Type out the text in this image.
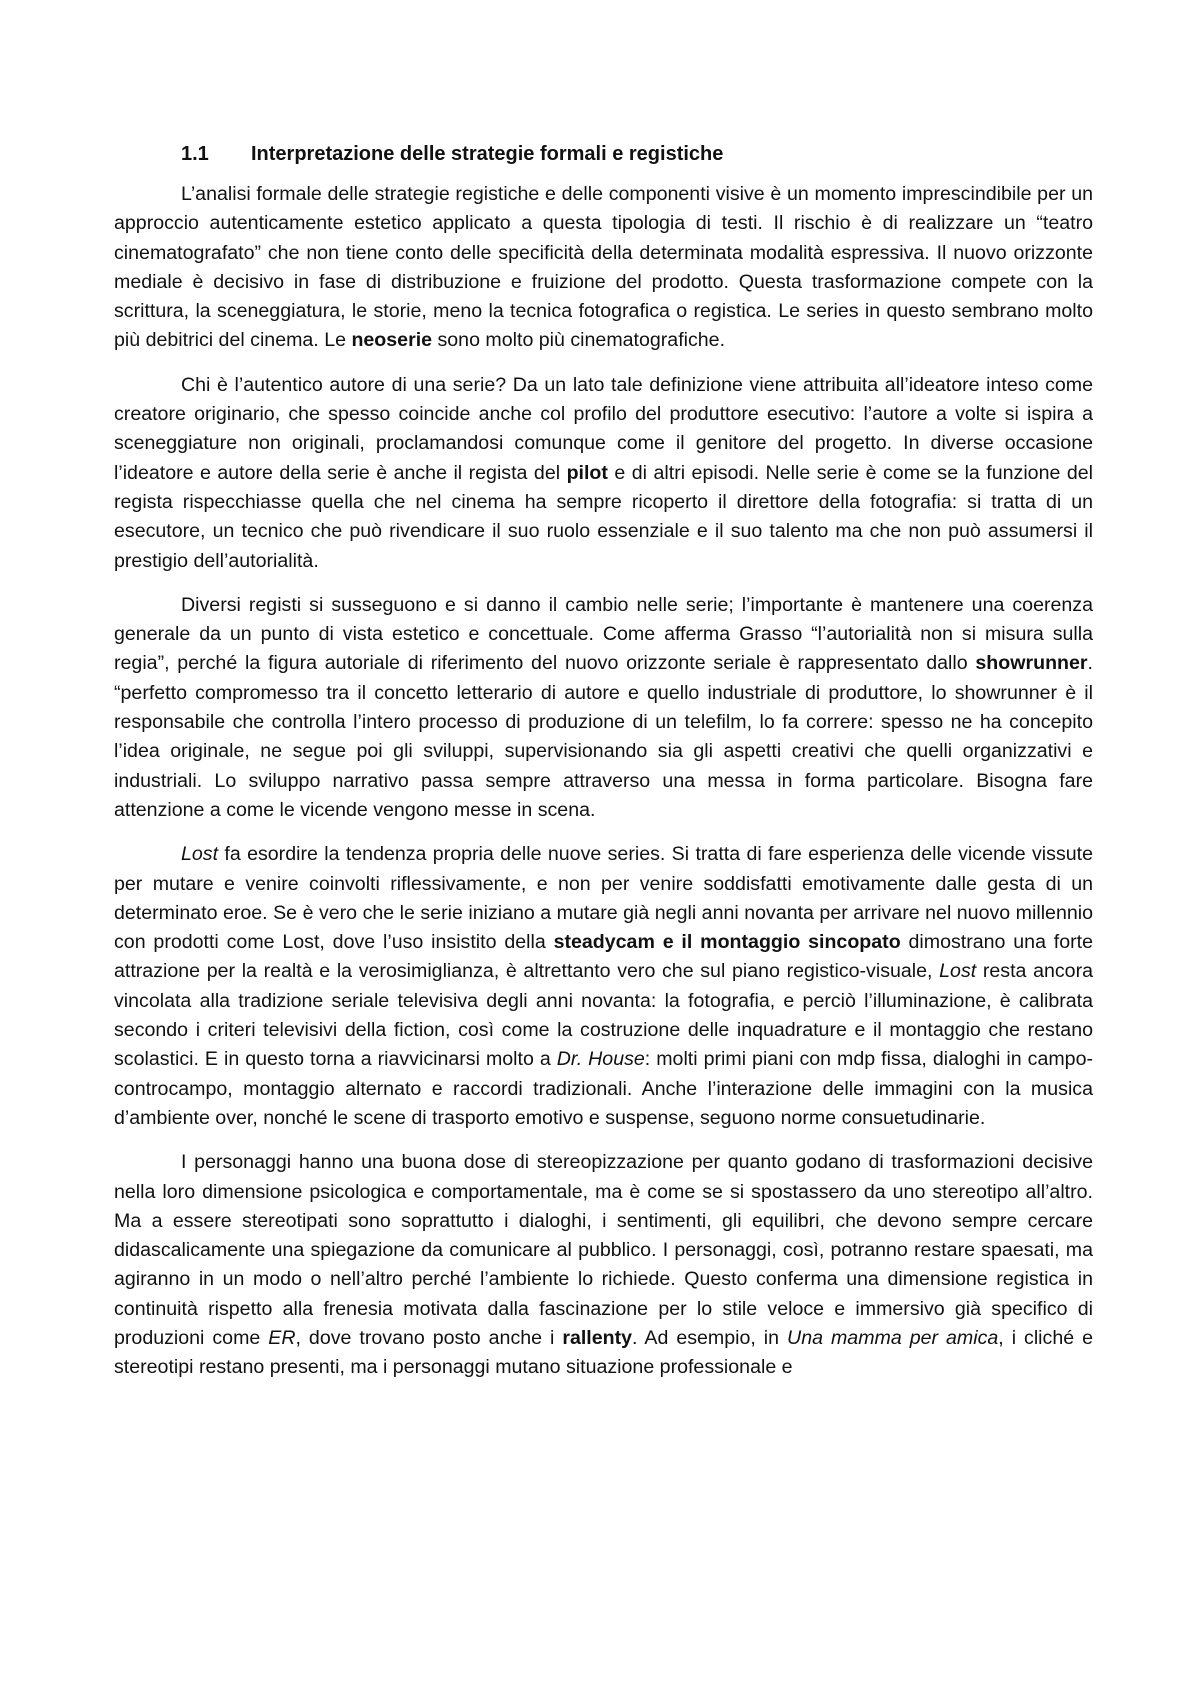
1.1	Interpretazione delle strategie formali e registiche

L’analisi formale delle strategie registiche e delle componenti visive è un momento imprescindibile per un approccio autenticamente estetico applicato a questa tipologia di testi. Il rischio è di realizzare un “teatro cinematografato” che non tiene conto delle specificità della determinata modalità espressiva. Il nuovo orizzonte mediale è decisivo in fase di distribuzione e fruizione del prodotto. Questa trasformazione compete con la scrittura, la sceneggiatura, le storie, meno la tecnica fotografica o registica. Le series in questo sembrano molto più debitrici del cinema. Le neoserie sono molto più cinematografiche.

Chi è l’autentico autore di una serie? Da un lato tale definizione viene attribuita all’ideatore inteso come creatore originario, che spesso coincide anche col profilo del produttore esecutivo: l’autore a volte si ispira a sceneggiature non originali, proclamandosi comunque come il genitore del progetto. In diverse occasione l’ideatore e autore della serie è anche il regista del pilot e di altri episodi. Nelle serie è come se la funzione del regista rispecchiasse quella che nel cinema ha sempre ricoperto il direttore della fotografia: si tratta di un esecutore, un tecnico che può rivendicare il suo ruolo essenziale e il suo talento ma che non può assumersi il prestigio dell’autorialità.

Diversi registi si susseguono e si danno il cambio nelle serie; l’importante è mantenere una coerenza generale da un punto di vista estetico e concettuale. Come afferma Grasso “l’autorialità non si misura sulla regia”, perché la figura autoriale di riferimento del nuovo orizzonte seriale è rappresentato dallo showrunner. “perfetto compromesso tra il concetto letterario di autore e quello industriale di produttore, lo showrunner è il responsabile che controlla l’intero processo di produzione di un telefilm, lo fa correre: spesso ne ha concepito l’idea originale, ne segue poi gli sviluppi, supervisionando sia gli aspetti creativi che quelli organizzativi e industriali. Lo sviluppo narrativo passa sempre attraverso una messa in forma particolare. Bisogna fare attenzione a come le vicende vengono messe in scena.

Lost fa esordire la tendenza propria delle nuove series. Si tratta di fare esperienza delle vicende vissute per mutare e venire coinvolti riflessivamente, e non per venire soddisfatti emotivamente dalle gesta di un determinato eroe. Se è vero che le serie iniziano a mutare già negli anni novanta per arrivare nel nuovo millennio con prodotti come Lost, dove l’uso insistito della steadycam e il montaggio sincopato dimostrano una forte attrazione per la realtà e la verosimiglianza, è altrettanto vero che sul piano registico-visuale, Lost resta ancora vincolata alla tradizione seriale televisiva degli anni novanta: la fotografia, e perciò l’illuminazione, è calibrata secondo i criteri televisivi della fiction, così come la costruzione delle inquadrature e il montaggio che restano scolastici. E in questo torna a riavvicinarsi molto a Dr. House: molti primi piani con mdp fissa, dialoghi in campo-controcampo, montaggio alternato e raccordi tradizionali. Anche l’interazione delle immagini con la musica d’ambiente over, nonché le scene di trasporto emotivo e suspense, seguono norme consuetudinarie.

I personaggi hanno una buona dose di stereopizzazione per quanto godano di trasformazioni decisive nella loro dimensione psicologica e comportamentale, ma è come se si spostassero da uno stereotipo all’altro. Ma a essere stereotipati sono soprattutto i dialoghi, i sentimenti, gli equilibri, che devono sempre cercare didascalicamente una spiegazione da comunicare al pubblico. I personaggi, così, potranno restare spaesati, ma agiranno in un modo o nell’altro perché l’ambiente lo richiede. Questo conferma una dimensione registica in continuità rispetto alla frenesia motivata dalla fascinazione per lo stile veloce e immersivo già specifico di produzioni come ER, dove trovano posto anche i rallenty. Ad esempio, in Una mamma per amica, i cliché e stereotipi restano presenti, ma i personaggi mutano situazione professionale e
